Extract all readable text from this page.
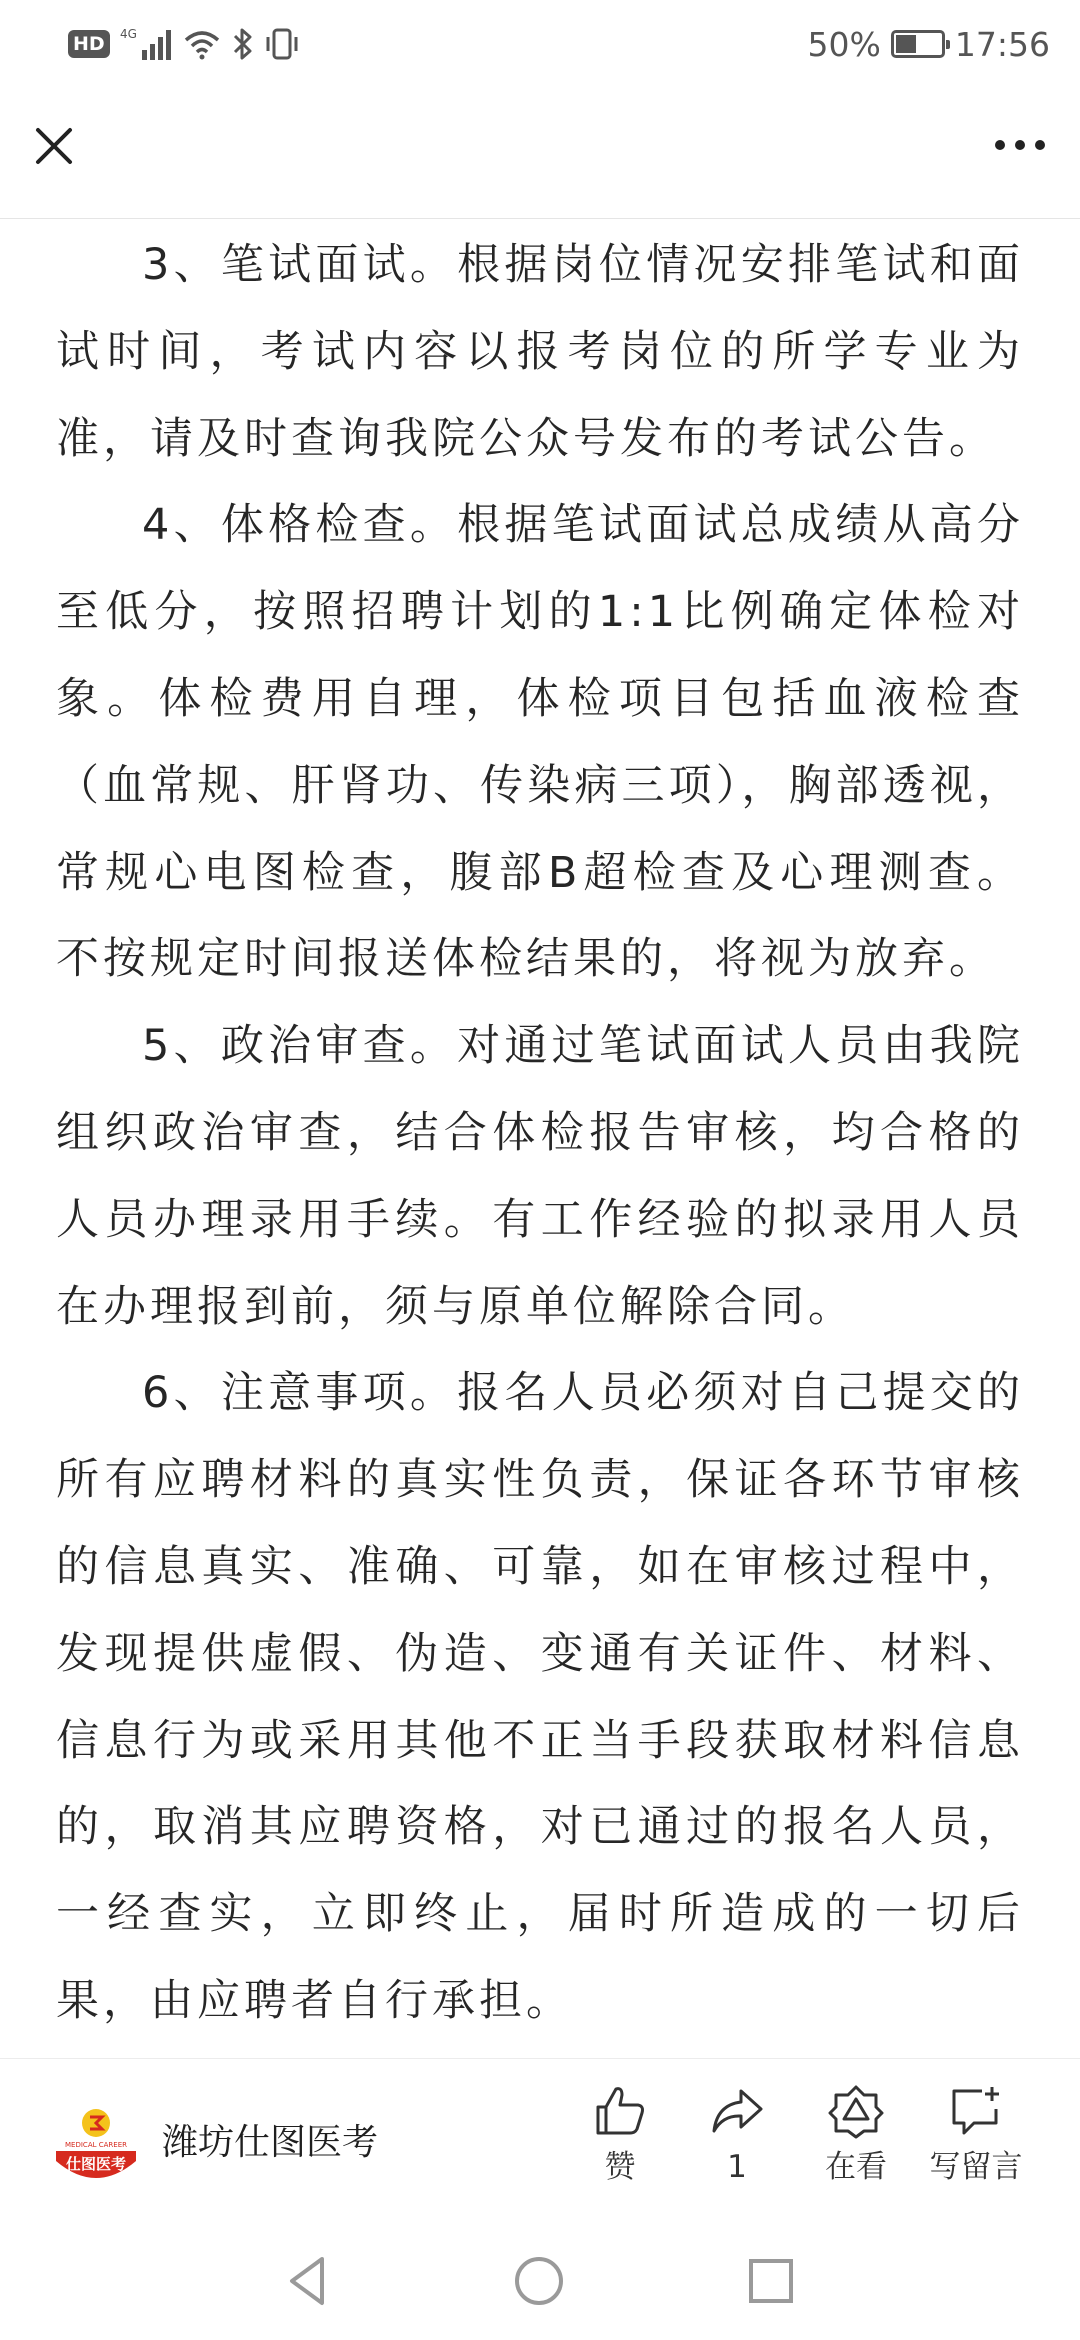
HD	4G	50% 17:56

3、笔试面试。根据岗位情况安排笔试和面试时间，考试内容以报考岗位的所学专业为准，请及时查询我院公众号发布的考试公告。

4、体格检查。根据笔试面试总成绩从高分至低分，按照招聘计划的1:1比例确定体检对象。体检费用自理，体检项目包括血液检查（血常规、肝肾功、传染病三项），胸部透视，常规心电图检查，腹部B超检查及心理测查。不按规定时间报送体检结果的，将视为放弃。

5、政治审查。对通过笔试面试人员由我院组织政治审查，结合体检报告审核，均合格的人员办理录用手续。有工作经验的拟录用人员在办理报到前，须与原单位解除合同。

6、注意事项。报名人员必须对自己提交的所有应聘材料的真实性负责，保证各环节审核的信息真实、准确、可靠，如在审核过程中，发现提供虚假、伪造、变通有关证件、材料、信息行为或采用其他不正当手段获取材料信息的，取消其应聘资格，对已通过的报名人员，一经查实，立即终止，届时所造成的一切后果，由应聘者自行承担。

MEDICAL CAREER
仕图医考
潍坊仕图医考
赞	1	在看 写留言
